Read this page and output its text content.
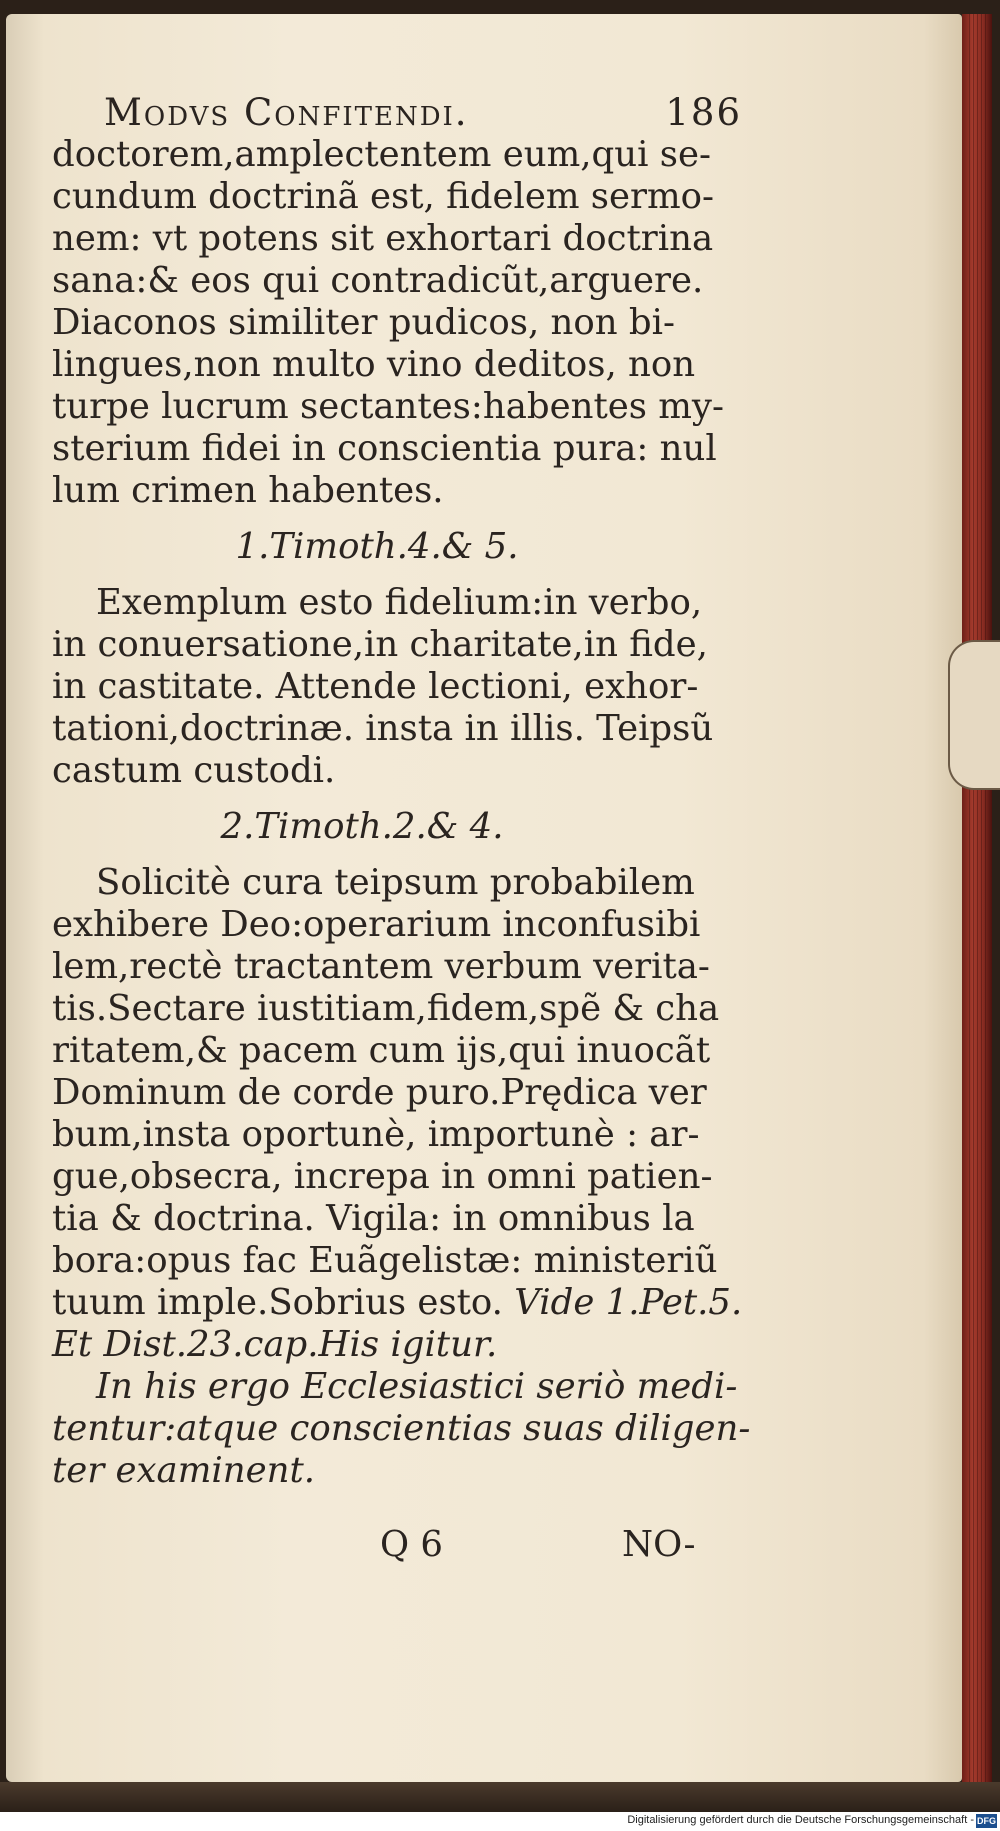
Modvs Confitendi.	186
doctorem,amplectentem eum,qui se-
cundum doctrinã est, fidelem sermo-
nem: vt potens sit exhortari doctrina
sana:& eos qui contradicũt,arguere.
Diaconos similiter pudicos, non bi-
lingues,non multo vino deditos, non
turpe lucrum sectantes:habentes my-
sterium fidei in conscientia pura: nul
lum crimen habentes.
1.Timoth.4.& 5.
Exemplum esto fidelium:in verbo,
in conuersatione,in charitate,in fide,
in castitate. Attende lectioni, exhor-
tationi,doctrinæ. insta in illis. Teipsũ
castum custodi.
2.Timoth.2.& 4.
Solicitè cura teipsum probabilem
exhibere Deo:operarium inconfusibi
lem,rectè tractantem verbum verita-
tis.Sectare iustitiam,fidem,spẽ & cha
ritatem,& pacem cum ijs,qui inuocãt
Dominum de corde puro.Prędica ver
bum,insta oportunè, importunè : ar-
gue,obsecra, increpa in omni patien-
tia & doctrina. Vigila: in omnibus la
bora:opus fac Euãgelistæ: ministeriũ
tuum imple.Sobrius esto. Vide 1.Pet.5.
Et Dist.23.cap.His igitur.
In his ergo Ecclesiastici seriò medi-
tentur:atque conscientias suas diligen-
ter examinent.
Q 6	NO-
Digitalisierung gefördert durch die Deutsche Forschungsgemeinschaft - DFG
